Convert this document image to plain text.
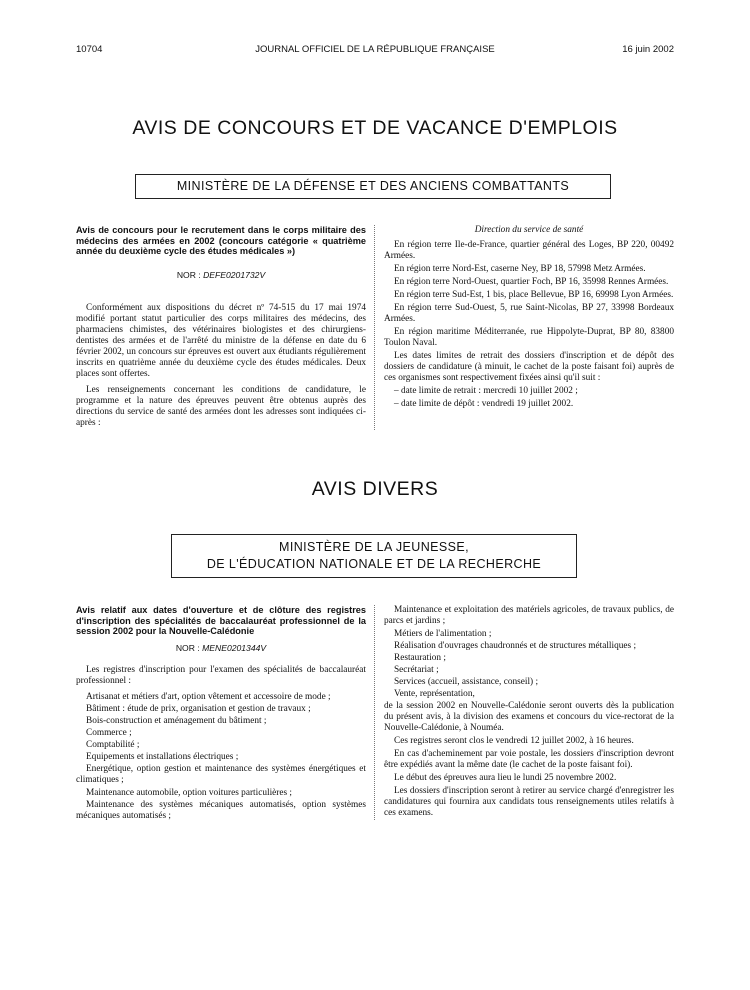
10704	JOURNAL OFFICIEL DE LA RÉPUBLIQUE FRANÇAISE	16 juin 2002
AVIS DE CONCOURS ET DE VACANCE D'EMPLOIS
MINISTÈRE DE LA DÉFENSE ET DES ANCIENS COMBATTANTS
Avis de concours pour le recrutement dans le corps militaire des médecins des armées en 2002 (concours catégorie « quatrième année du deuxième cycle des études médicales »)
NOR : DEFE0201732V

Conformément aux dispositions du décret nº 74-515 du 17 mai 1974 modifié portant statut particulier des corps militaires des médecins, des pharmaciens chimistes, des vétérinaires biologistes et des chirurgiens-dentistes des armées et de l'arrêté du ministre de la défense en date du 6 février 2002, un concours sur épreuves est ouvert aux étudiants régulièrement inscrits en quatrième année du deuxième cycle des études médicales. Deux places sont offertes.

Les renseignements concernant les conditions de candidature, le programme et la nature des épreuves peuvent être obtenus auprès des directions du service de santé des armées dont les adresses sont indiquées ci-après :

Direction du service de santé

En région terre Ile-de-France, quartier général des Loges, BP 220, 00492 Armées.

En région terre Nord-Est, caserne Ney, BP 18, 57998 Metz Armées.

En région terre Nord-Ouest, quartier Foch, BP 16, 35998 Rennes Armées.

En région terre Sud-Est, 1 bis, place Bellevue, BP 16, 69998 Lyon Armées.

En région terre Sud-Ouest, 5, rue Saint-Nicolas, BP 27, 33998 Bordeaux Armées.

En région maritime Méditerranée, rue Hippolyte-Duprat, BP 80, 83800 Toulon Naval.

Les dates limites de retrait des dossiers d'inscription et de dépôt des dossiers de candidature (à minuit, le cachet de la poste faisant foi) auprès de ces organismes sont respectivement fixées ainsi qu'il suit :

– date limite de retrait : mercredi 10 juillet 2002 ;

– date limite de dépôt : vendredi 19 juillet 2002.

AVIS DIVERS
MINISTÈRE DE LA JEUNESSE,
DE L'ÉDUCATION NATIONALE ET DE LA RECHERCHE
Avis relatif aux dates d'ouverture et de clôture des registres d'inscription des spécialités de baccalauréat professionnel de la session 2002 pour la Nouvelle-Calédonie
NOR : MENE0201344V

Les registres d'inscription pour l'examen des spécialités de baccalauréat professionnel :

Artisanat et métiers d'art, option vêtement et accessoire de mode ;

Bâtiment : étude de prix, organisation et gestion de travaux ;

Bois-construction et aménagement du bâtiment ;

Commerce ;

Comptabilité ;

Equipements et installations électriques ;

Energétique, option gestion et maintenance des systèmes énergétiques et climatiques ;

Maintenance automobile, option voitures particulières ;

Maintenance des systèmes mécaniques automatisés, option systèmes mécaniques automatisés ;

Maintenance et exploitation des matériels agricoles, de travaux publics, de parcs et jardins ;

Métiers de l'alimentation ;

Réalisation d'ouvrages chaudronnés et de structures métalliques ;

Restauration ;

Secrétariat ;

Services (accueil, assistance, conseil) ;

Vente, représentation,

de la session 2002 en Nouvelle-Calédonie seront ouverts dès la publication du présent avis, à la division des examens et concours du vice-rectorat de la Nouvelle-Calédonie, à Nouméa.

Ces registres seront clos le vendredi 12 juillet 2002, à 16 heures.

En cas d'acheminement par voie postale, les dossiers d'inscription devront être expédiés avant la même date (le cachet de la poste faisant foi).

Le début des épreuves aura lieu le lundi 25 novembre 2002.

Les dossiers d'inscription seront à retirer au service chargé d'enregistrer les candidatures qui fournira aux candidats tous renseignements utiles relatifs à ces examens.
